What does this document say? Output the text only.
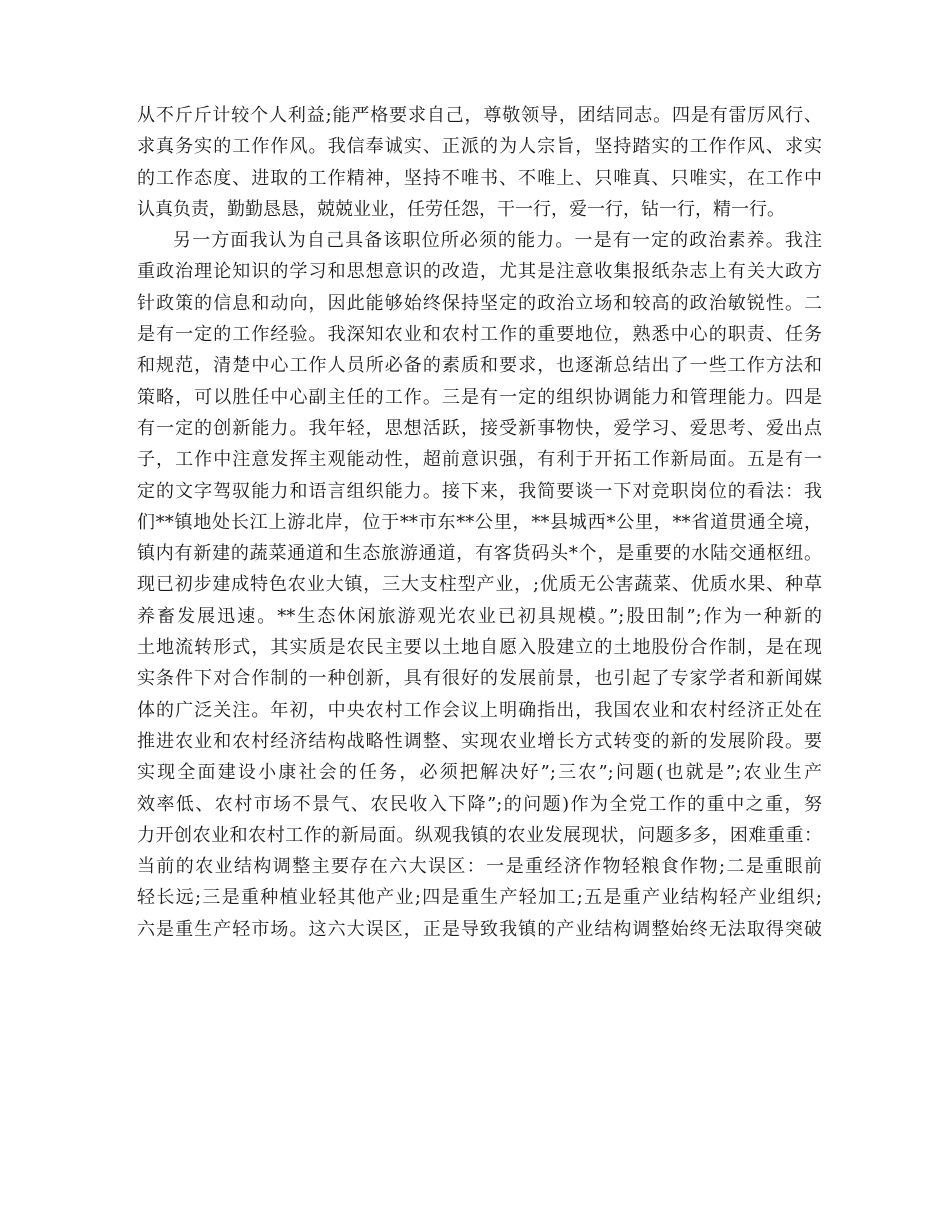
从不斤斤计较个人利益;能严格要求自己，尊敬领导，团结同志。四是有雷厉风行、
求真务实的工作作风。我信奉诚实、正派的为人宗旨，坚持踏实的工作作风、求实
的工作态度、进取的工作精神，坚持不唯书、不唯上、只唯真、只唯实，在工作中
认真负责，勤勤恳恳，兢兢业业，任劳任怨，干一行，爱一行，钻一行，精一行。
另一方面我认为自己具备该职位所必须的能力。一是有一定的政治素养。我注
重政治理论知识的学习和思想意识的改造，尤其是注意收集报纸杂志上有关大政方
针政策的信息和动向，因此能够始终保持坚定的政治立场和较高的政治敏锐性。二
是有一定的工作经验。我深知农业和农村工作的重要地位，熟悉中心的职责、任务
和规范，清楚中心工作人员所必备的素质和要求，也逐渐总结出了一些工作方法和
策略，可以胜任中心副主任的工作。三是有一定的组织协调能力和管理能力。四是
有一定的创新能力。我年轻，思想活跃，接受新事物快，爱学习、爱思考、爱出点
子，工作中注意发挥主观能动性，超前意识强，有利于开拓工作新局面。五是有一
定的文字驾驭能力和语言组织能力。接下来，我简要谈一下对竞职岗位的看法：我
们**镇地处长江上游北岸，位于**市东**公里，**县城西*公里，**省道贯通全境，
镇内有新建的蔬菜通道和生态旅游通道，有客货码头*个，是重要的水陆交通枢纽。
现已初步建成特色农业大镇，三大支柱型产业，;优质无公害蔬菜、优质水果、种草
养畜发展迅速。**生态休闲旅游观光农业已初具规模。”;股田制”;作为一种新的
土地流转形式，其实质是农民主要以土地自愿入股建立的土地股份合作制，是在现
实条件下对合作制的一种创新，具有很好的发展前景，也引起了专家学者和新闻媒
体的广泛关注。年初，中央农村工作会议上明确指出，我国农业和农村经济正处在
推进农业和农村经济结构战略性调整、实现农业增长方式转变的新的发展阶段。要
实现全面建设小康社会的任务，必须把解决好”;三农”;问题(也就是”;农业生产
效率低、农村市场不景气、农民收入下降”;的问题)作为全党工作的重中之重，努
力开创农业和农村工作的新局面。纵观我镇的农业发展现状，问题多多，困难重重：
当前的农业结构调整主要存在六大误区：一是重经济作物轻粮食作物;二是重眼前
轻长远;三是重种植业轻其他产业;四是重生产轻加工;五是重产业结构轻产业组织;
六是重生产轻市场。这六大误区，正是导致我镇的产业结构调整始终无法取得突破
